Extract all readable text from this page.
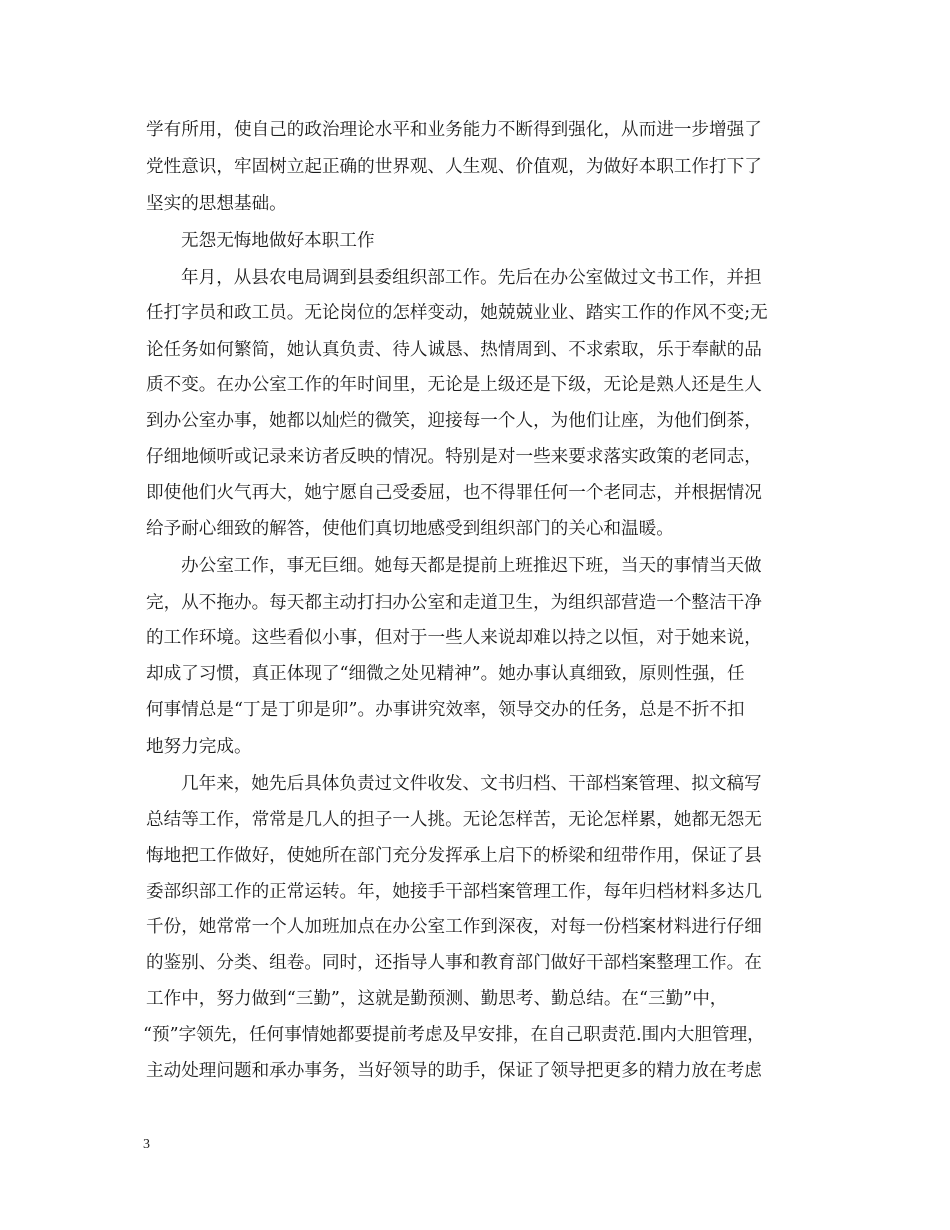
学有所用，使自己的政治理论水平和业务能力不断得到强化，从而进一步增强了
党性意识，牢固树立起正确的世界观、人生观、价值观，为做好本职工作打下了
坚实的思想基础。
无怨无悔地做好本职工作
年月，从县农电局调到县委组织部工作。先后在办公室做过文书工作，并担
任打字员和政工员。无论岗位的怎样变动，她兢兢业业、踏实工作的作风不变;无
论任务如何繁简，她认真负责、待人诚恳、热情周到、不求索取，乐于奉献的品
质不变。在办公室工作的年时间里，无论是上级还是下级，无论是熟人还是生人
到办公室办事，她都以灿烂的微笑，迎接每一个人，为他们让座，为他们倒茶，
仔细地倾听或记录来访者反映的情况。特别是对一些来要求落实政策的老同志，
即使他们火气再大，她宁愿自己受委屈，也不得罪任何一个老同志，并根据情况
给予耐心细致的解答，使他们真切地感受到组织部门的关心和温暖。
办公室工作，事无巨细。她每天都是提前上班推迟下班，当天的事情当天做
完，从不拖办。每天都主动打扫办公室和走道卫生，为组织部营造一个整洁干净
的工作环境。这些看似小事，但对于一些人来说却难以持之以恒，对于她来说，
却成了习惯，真正体现了“细微之处见精神”。她办事认真细致，原则性强，任
何事情总是“丁是丁卯是卯”。办事讲究效率，领导交办的任务，总是不折不扣
地努力完成。
几年来，她先后具体负责过文件收发、文书归档、干部档案管理、拟文稿写
总结等工作，常常是几人的担子一人挑。无论怎样苦，无论怎样累，她都无怨无
悔地把工作做好，使她所在部门充分发挥承上启下的桥梁和纽带作用，保证了县
委部织部工作的正常运转。年，她接手干部档案管理工作，每年归档材料多达几
千份，她常常一个人加班加点在办公室工作到深夜，对每一份档案材料进行仔细
的鉴别、分类、组卷。同时，还指导人事和教育部门做好干部档案整理工作。在
工作中，努力做到“三勤”，这就是勤预测、勤思考、勤总结。在“三勤”中，
“预”字领先，任何事情她都要提前考虑及早安排，在自己职责范.围内大胆管理，
主动处理问题和承办事务，当好领导的助手，保证了领导把更多的精力放在考虑
3
